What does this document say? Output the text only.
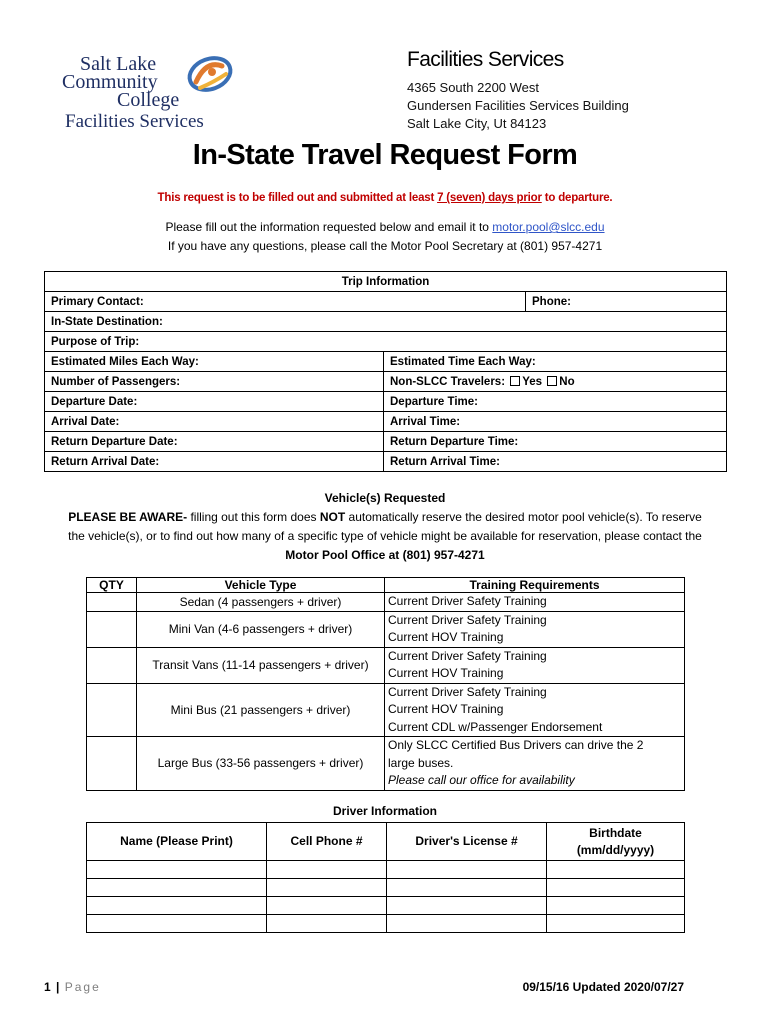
Salt Lake
Community
College
Facilities Services
Facilities Services
4365 South 2200 West
Gundersen Facilities Services Building
Salt Lake City, Ut 84123
In-State Travel Request Form
This request is to be filled out and submitted at least 7 (seven) days prior to departure.
Please fill out the information requested below and email it to motor.pool@slcc.edu
If you have any questions, please call the Motor Pool Secretary at (801) 957-4271
Trip Information		
Primary Contact:		Phone:
In-State Destination:		
Purpose of Trip:		
Estimated Miles Each Way:	Estimated Time Each Way:	
Number of Passengers:	Non-SLCC Travelers: Yes No	
Departure Date:	Departure Time:	
Arrival Date:	Arrival Time:	
Return Departure Date:	Return Departure Time:	
Return Arrival Date:	Return Arrival Time:	
Vehicle(s) Requested
PLEASE BE AWARE- filling out this form does NOT automatically reserve the desired motor pool vehicle(s). To reserve
the vehicle(s), or to find out how many of a specific type of vehicle might be available for reservation, please contact the
Motor Pool Office at (801) 957-4271
QTY	Vehicle Type	Training Requirements
	Sedan (4 passengers + driver)	Current Driver Safety Training

	Mini Van (4-6 passengers + driver)	Current Driver Safety Training
Current HOV Training

	Transit Vans (11-14 passengers + driver)	Current Driver Safety Training
Current HOV Training

	Mini Bus (21 passengers + driver)	Current Driver Safety Training
Current HOV Training
Current CDL w/Passenger Endorsement

	Large Bus (33-56 passengers + driver)	Only SLCC Certified Bus Drivers can drive the 2
large buses.
Please call our office for availability
Driver Information
Name (Please Print)	Cell Phone #	Driver's License #	Birthdate
(mm/dd/yyyy)

1 | Page	09/15/16 Updated 2020/07/27
